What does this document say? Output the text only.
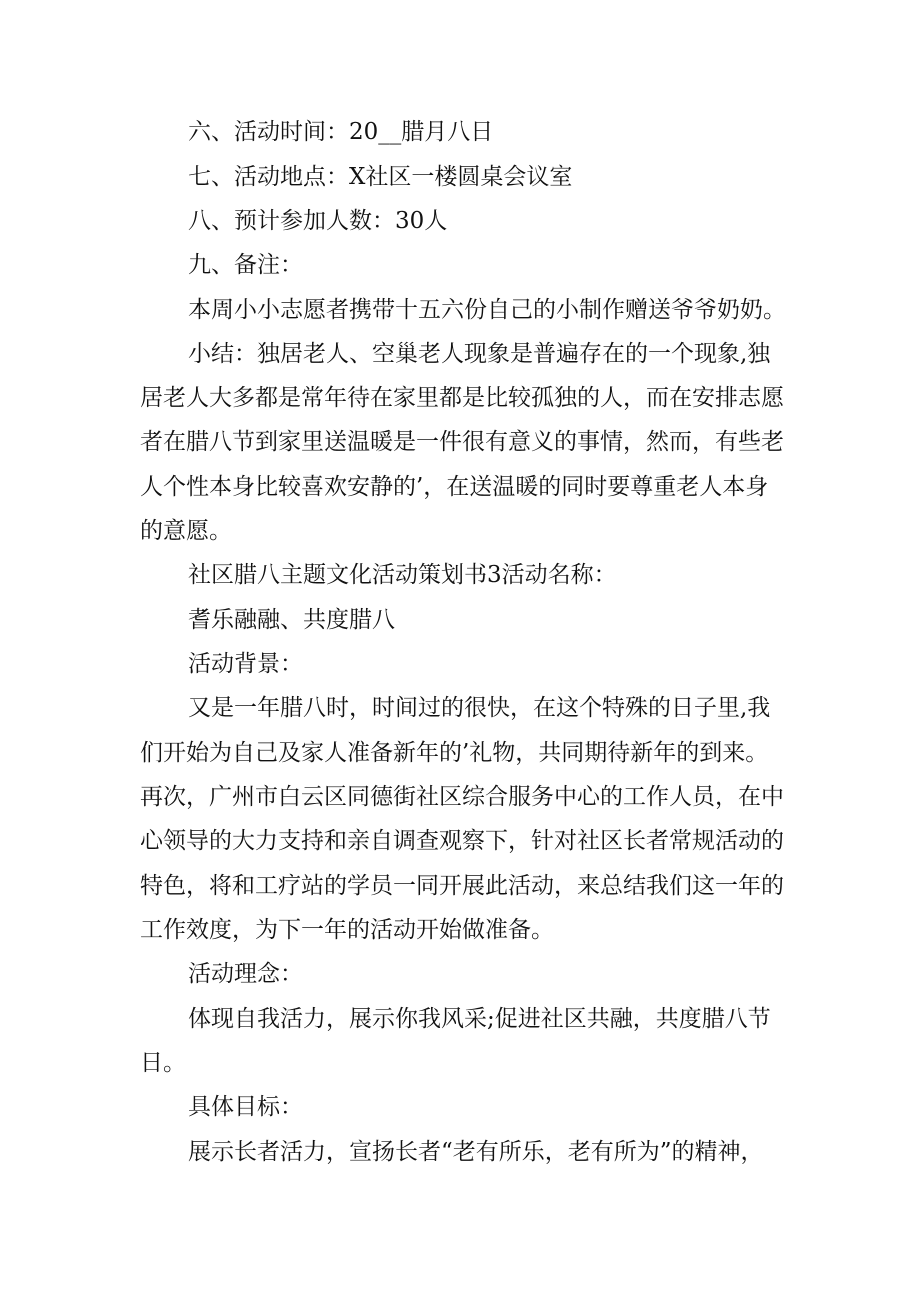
六、活动时间：20__腊月八日
七、活动地点：X社区一楼圆桌会议室
八、预计参加人数：30人
九、备注：
本周小小志愿者携带十五六份自己的小制作赠送爷爷奶奶。
小结：独居老人、空巢老人现象是普遍存在的一个现象,独
居老人大多都是常年待在家里都是比较孤独的人，而在安排志愿
者在腊八节到家里送温暖是一件很有意义的事情，然而，有些老
人个性本身比较喜欢安静的’，在送温暖的同时要尊重老人本身
的意愿。
社区腊八主题文化活动策划书3活动名称：
耆乐融融、共度腊八
活动背景：
又是一年腊八时，时间过的很快，在这个特殊的日子里,我
们开始为自己及家人准备新年的’礼物，共同期待新年的到来。
再次，广州市白云区同德街社区综合服务中心的工作人员，在中
心领导的大力支持和亲自调查观察下，针对社区长者常规活动的
特色，将和工疗站的学员一同开展此活动，来总结我们这一年的
工作效度，为下一年的活动开始做准备。
活动理念：
体现自我活力，展示你我风采;促进社区共融，共度腊八节
日。
具体目标：
展示长者活力，宣扬长者“老有所乐，老有所为”的精神，
